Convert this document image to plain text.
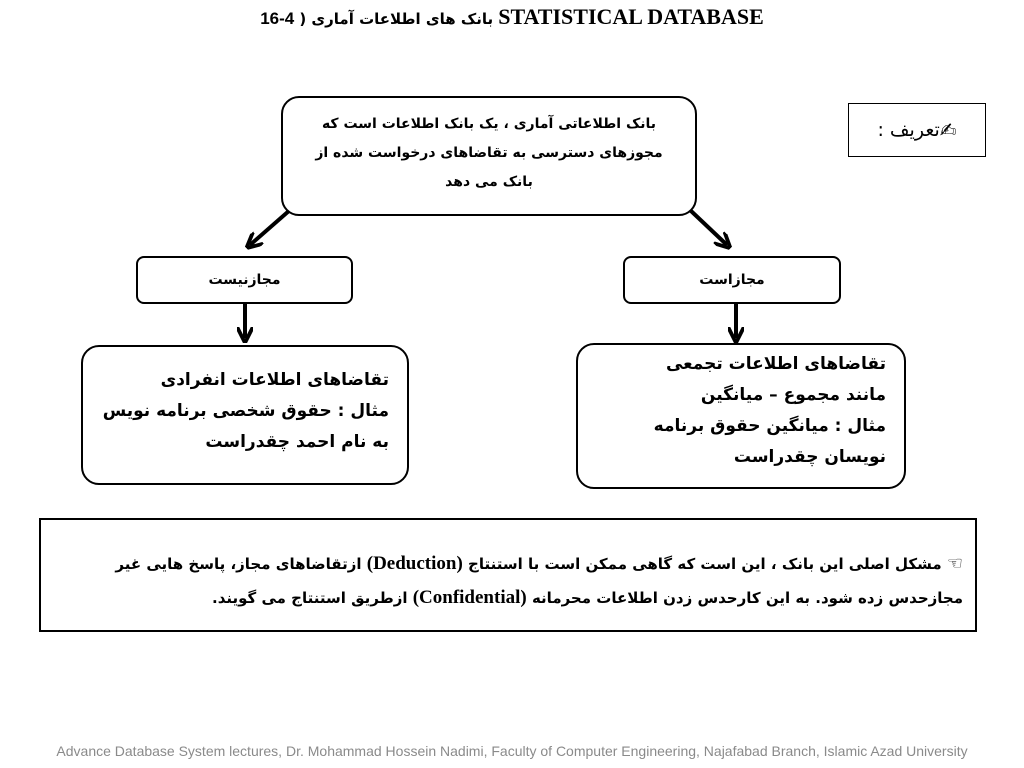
16-4 ) بانک های اطلاعات آماری STATISTICAL DATABASE
✍
تعریف :
بانک اطلاعاتی آماری ، یک بانک اطلاعات است که
مجوزهای دسترسی به تقاضاهای درخواست شده از
بانک می دهد
مجازنیست	مجازاست
تقاضاهای اطلاعات انفرادی
مثال : حقوق شخصی برنامه نویس
به نام احمد چقدراست
تقاضاهای اطلاعات تجمعی
مانند مجموع – میانگین
مثال : میانگین حقوق برنامه
نویسان چقدراست
☜ مشکل اصلی این بانک ، این است که گاهی ممکن است با استنتاج (Deduction) ازتقاضاهای مجاز، پاسخ هایی غیر مجازحدس زده شود. به این کارحدس زدن اطلاعات محرمانه (Confidential) ازطریق استنتاج می گویند.
Advance Database System lectures, Dr. Mohammad Hossein Nadimi, Faculty of Computer Engineering, Najafabad Branch, Islamic Azad University
